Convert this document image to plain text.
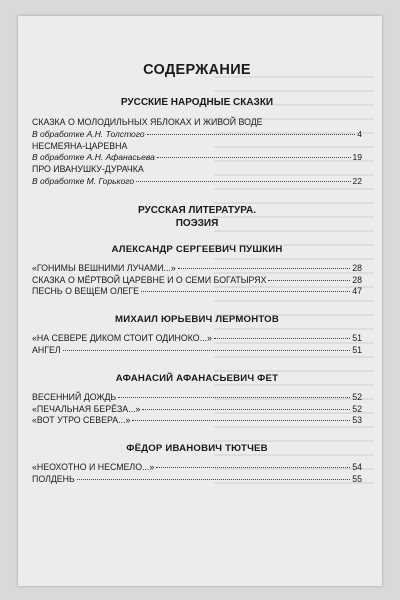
СОДЕРЖАНИЕ
РУССКИЕ НАРОДНЫЕ СКАЗКИ
СКАЗКА О МОЛОДИЛЬНЫХ ЯБЛОКАХ И ЖИВОЙ ВОДЕ
В обработке А.Н. Толстого	4
НЕСМЕЯНА-ЦАРЕВНА
В обработке А.Н. Афанасьева	19
ПРО ИВАНУШКУ-ДУРАЧКА
В обработке М. Горького	22
РУССКАЯ ЛИТЕРАТУРА.
ПОЭЗИЯ
АЛЕКСАНДР СЕРГЕЕВИЧ ПУШКИН
«ГОНИМЫ ВЕШНИМИ ЛУЧАМИ...»	28
СКАЗКА О МЁРТВОЙ ЦАРЕВНЕ И О СЕМИ БОГАТЫРЯХ	28
ПЕСНЬ О ВЕЩЕМ ОЛЕГЕ	47
МИХАИЛ ЮРЬЕВИЧ ЛЕРМОНТОВ
«НА СЕВЕРЕ ДИКОМ СТОИТ ОДИНОКО...»	51
АНГЕЛ	51
АФАНАСИЙ АФАНАСЬЕВИЧ ФЕТ
ВЕСЕННИЙ ДОЖДЬ	52
«ПЕЧАЛЬНАЯ БЕРЁЗА...»	52
«ВОТ УТРО СЕВЕРА...»	53
ФЁДОР ИВАНОВИЧ ТЮТЧЕВ
«НЕОХОТНО И НЕСМЕЛО...»	54
ПОЛДЕНЬ	55
